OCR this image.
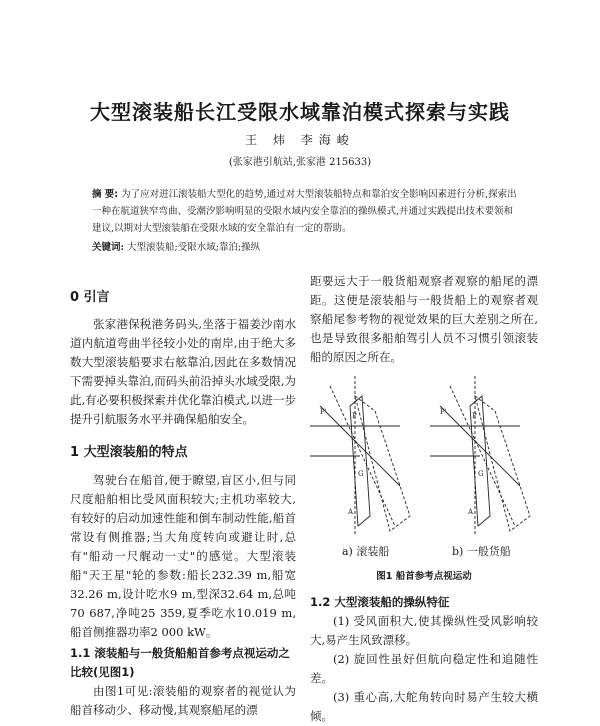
大型滚装船长江受限水域靠泊模式探索与实践
王 炜 李海峻
(张家港引航站,张家港 215633)
摘 要: 为了应对进江滚装船大型化的趋势,通过对大型滚装船特点和靠泊安全影响因素进行分析,探索出一种在航道狭窄弯曲、受潮汐影响明显的受限水域内安全靠泊的操纵模式,并通过实践提出技术要领和建议,以期对大型滚装船在受限水域的安全靠泊有一定的帮助。
关键词: 大型滚装船;受限水域;靠泊;操纵
0 引言

张家港保税港务码头,坐落于福姜沙南水道内航道弯曲半径较小处的南岸,由于绝大多数大型滚装船要求右舷靠泊,因此在多数情况下需要掉头靠泊,而码头前沿掉头水域受限,为此,有必要积极探索并优化靠泊模式,以进一步提升引航服务水平并确保船舶安全。

1 大型滚装船的特点

驾驶台在船首,便于瞭望,盲区小,但与同尺度船舶相比受风面积较大;主机功率较大,有较好的启动加速性能和倒车制动性能,船首常设有侧推器;当大角度转向或避让时,总有"船动一尺艉动一丈"的感觉。大型滚装船"天王星"轮的参数:船长232.39 m,船宽32.26 m,设计吃水9 m,型深32.64 m,总吨70 687,净吨25 359,夏季吃水10.019 m,船首侧推器功率2 000 kW。

1.1 滚装船与一般货船船首参考点视运动之比较(见图1)

由图1可见:滚装船的观察者的视觉认为船首移动少、移动慢,其观察船尾的漂

距要远大于一般货船观察者观察的船尾的漂距。这便是滚装船与一般货船上的观察者观察船尾参考物的视觉效果的巨大差别之所在,也是导致很多船舶驾引人员不习惯引领滚装船的原因之所在。

P
P'
G
A
P
P'
G
A
a) 滚装船	b) 一般货船
图1 船首参考点视运动
1.2 大型滚装船的操纵特征

(1) 受风面积大,使其操纵性受风影响较大,易产生风致漂移。

(2) 旋回性虽好但航向稳定性和追随性差。

(3) 重心高,大舵角转向时易产生较大横倾。
